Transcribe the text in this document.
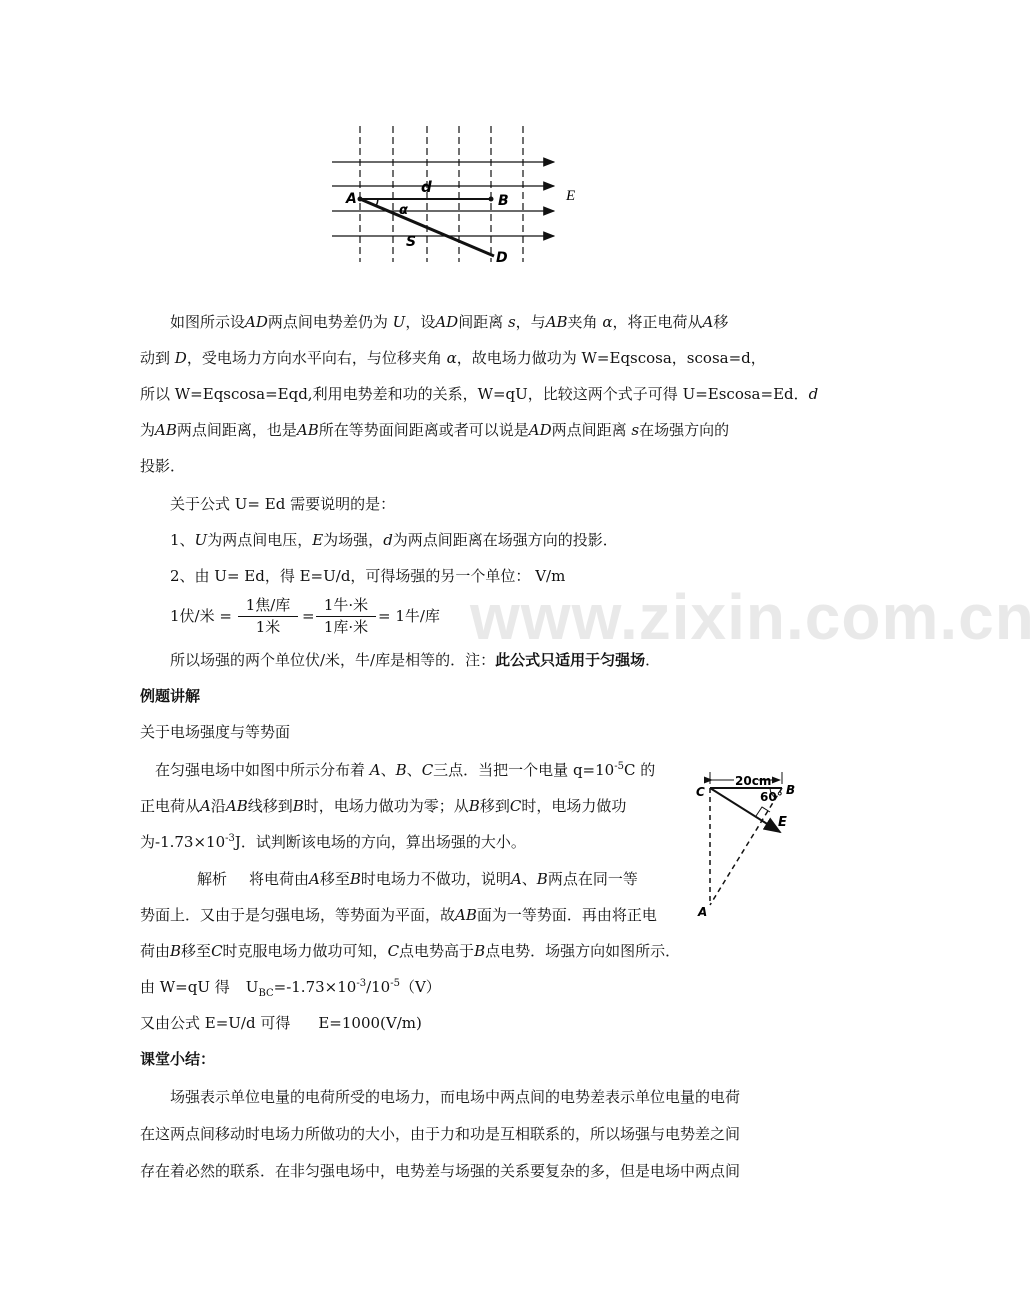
www.zixin.com.cn
A	B
d
α
S
D
E
如图所示设AD两点间电势差仍为 U，设AD间距离 s，与AB夹角 α，将正电荷从A移
动到 D，受电场力方向水平向右，与位移夹角 α，故电场力做功为 W=Eqscosa，scosa=d，
所以 W=Eqscosa=Eqd,利用电势差和功的关系，W=qU，比较这两个式子可得 U=Escosa=Ed．d
为AB两点间距离，也是AB所在等势面间距离或者可以说是AD两点间距离 s在场强方向的
投影．
关于公式 U= Ed 需要说明的是：
1、U为两点间电压，E为场强，d为两点间距离在场强方向的投影．
2、由 U= Ed，得 E=U/d，可得场强的另一个单位： V/m
1伏/米 =
1焦/库
1米
=
1牛·米
1库·米
= 1牛/库
所以场强的两个单位伏/米，牛/库是相等的．注：此公式只适用于匀强场．
例题讲解
关于电场强度与等势面
在匀强电场中如图中所示分布着 A、B、C三点．当把一个电量 $q=10^{-5}C$ 的
正电荷从A沿AB线移到B时，电场力做功为零；从B移到C时，电场力做功
为$-1.73\times 10^{-3}J$．试判断该电场的方向，算出场强的大小。
20cm
60°
C	B
E
A
解析 将电荷由A移至B时电场力不做功，说明A、B两点在同一等
势面上．又由于是匀强电场，等势面为平面，故AB面为一等势面．再由将正电
荷由B移至C时克服电场力做功可知，C点电势高于B点电势．场强方向如图所示．
由 W=qU 得 $U_{BC}=-1.73\times 10^{-3}/10^{-5}(V)$
又由公式 E=U/d 可得 E=1000(V/m)
课堂小结：
场强表示单位电量的电荷所受的电场力，而电场中两点间的电势差表示单位电量的电荷
在这两点间移动时电场力所做功的大小，由于力和功是互相联系的，所以场强与电势差之间
存在着必然的联系．在非匀强电场中，电势差与场强的关系要复杂的多，但是电场中两点间
